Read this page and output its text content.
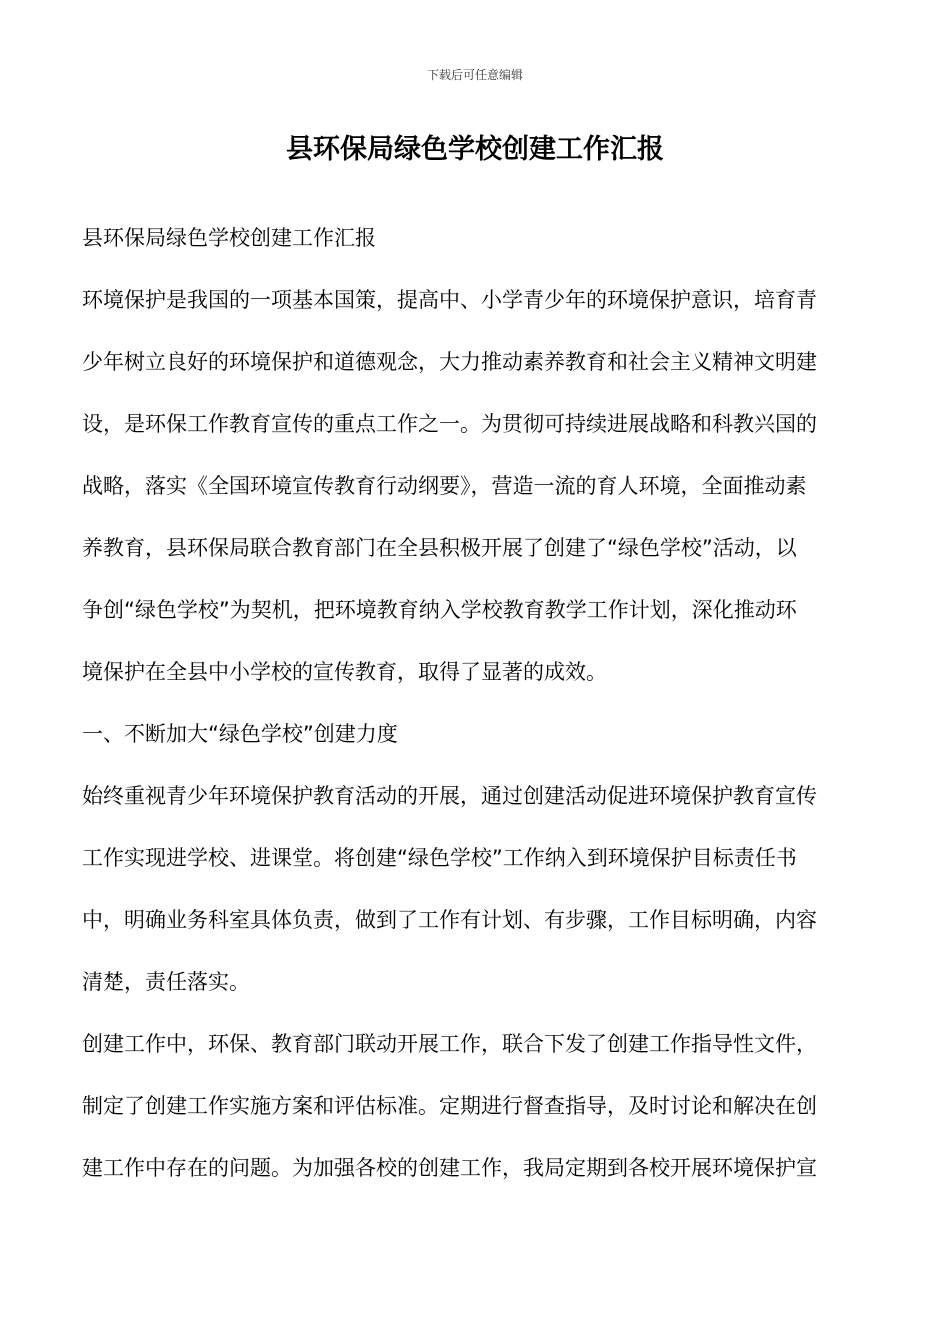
下载后可任意编辑
县环保局绿色学校创建工作汇报
县环保局绿色学校创建工作汇报
环境保护是我国的一项基本国策，提高中、小学青少年的环境保护意识，培育青
少年树立良好的环境保护和道德观念，大力推动素养教育和社会主义精神文明建
设，是环保工作教育宣传的重点工作之一。为贯彻可持续进展战略和科教兴国的
战略，落实《全国环境宣传教育行动纲要》，营造一流的育人环境，全面推动素
养教育，县环保局联合教育部门在全县积极开展了创建了“绿色学校”活动，以
争创“绿色学校”为契机，把环境教育纳入学校教育教学工作计划，深化推动环
境保护在全县中小学校的宣传教育，取得了显著的成效。
一、不断加大“绿色学校”创建力度
始终重视青少年环境保护教育活动的开展，通过创建活动促进环境保护教育宣传
工作实现进学校、进课堂。将创建“绿色学校”工作纳入到环境保护目标责任书
中，明确业务科室具体负责，做到了工作有计划、有步骤，工作目标明确，内容
清楚，责任落实。
创建工作中，环保、教育部门联动开展工作，联合下发了创建工作指导性文件，
制定了创建工作实施方案和评估标准。定期进行督查指导，及时讨论和解决在创
建工作中存在的问题。为加强各校的创建工作，我局定期到各校开展环境保护宣
